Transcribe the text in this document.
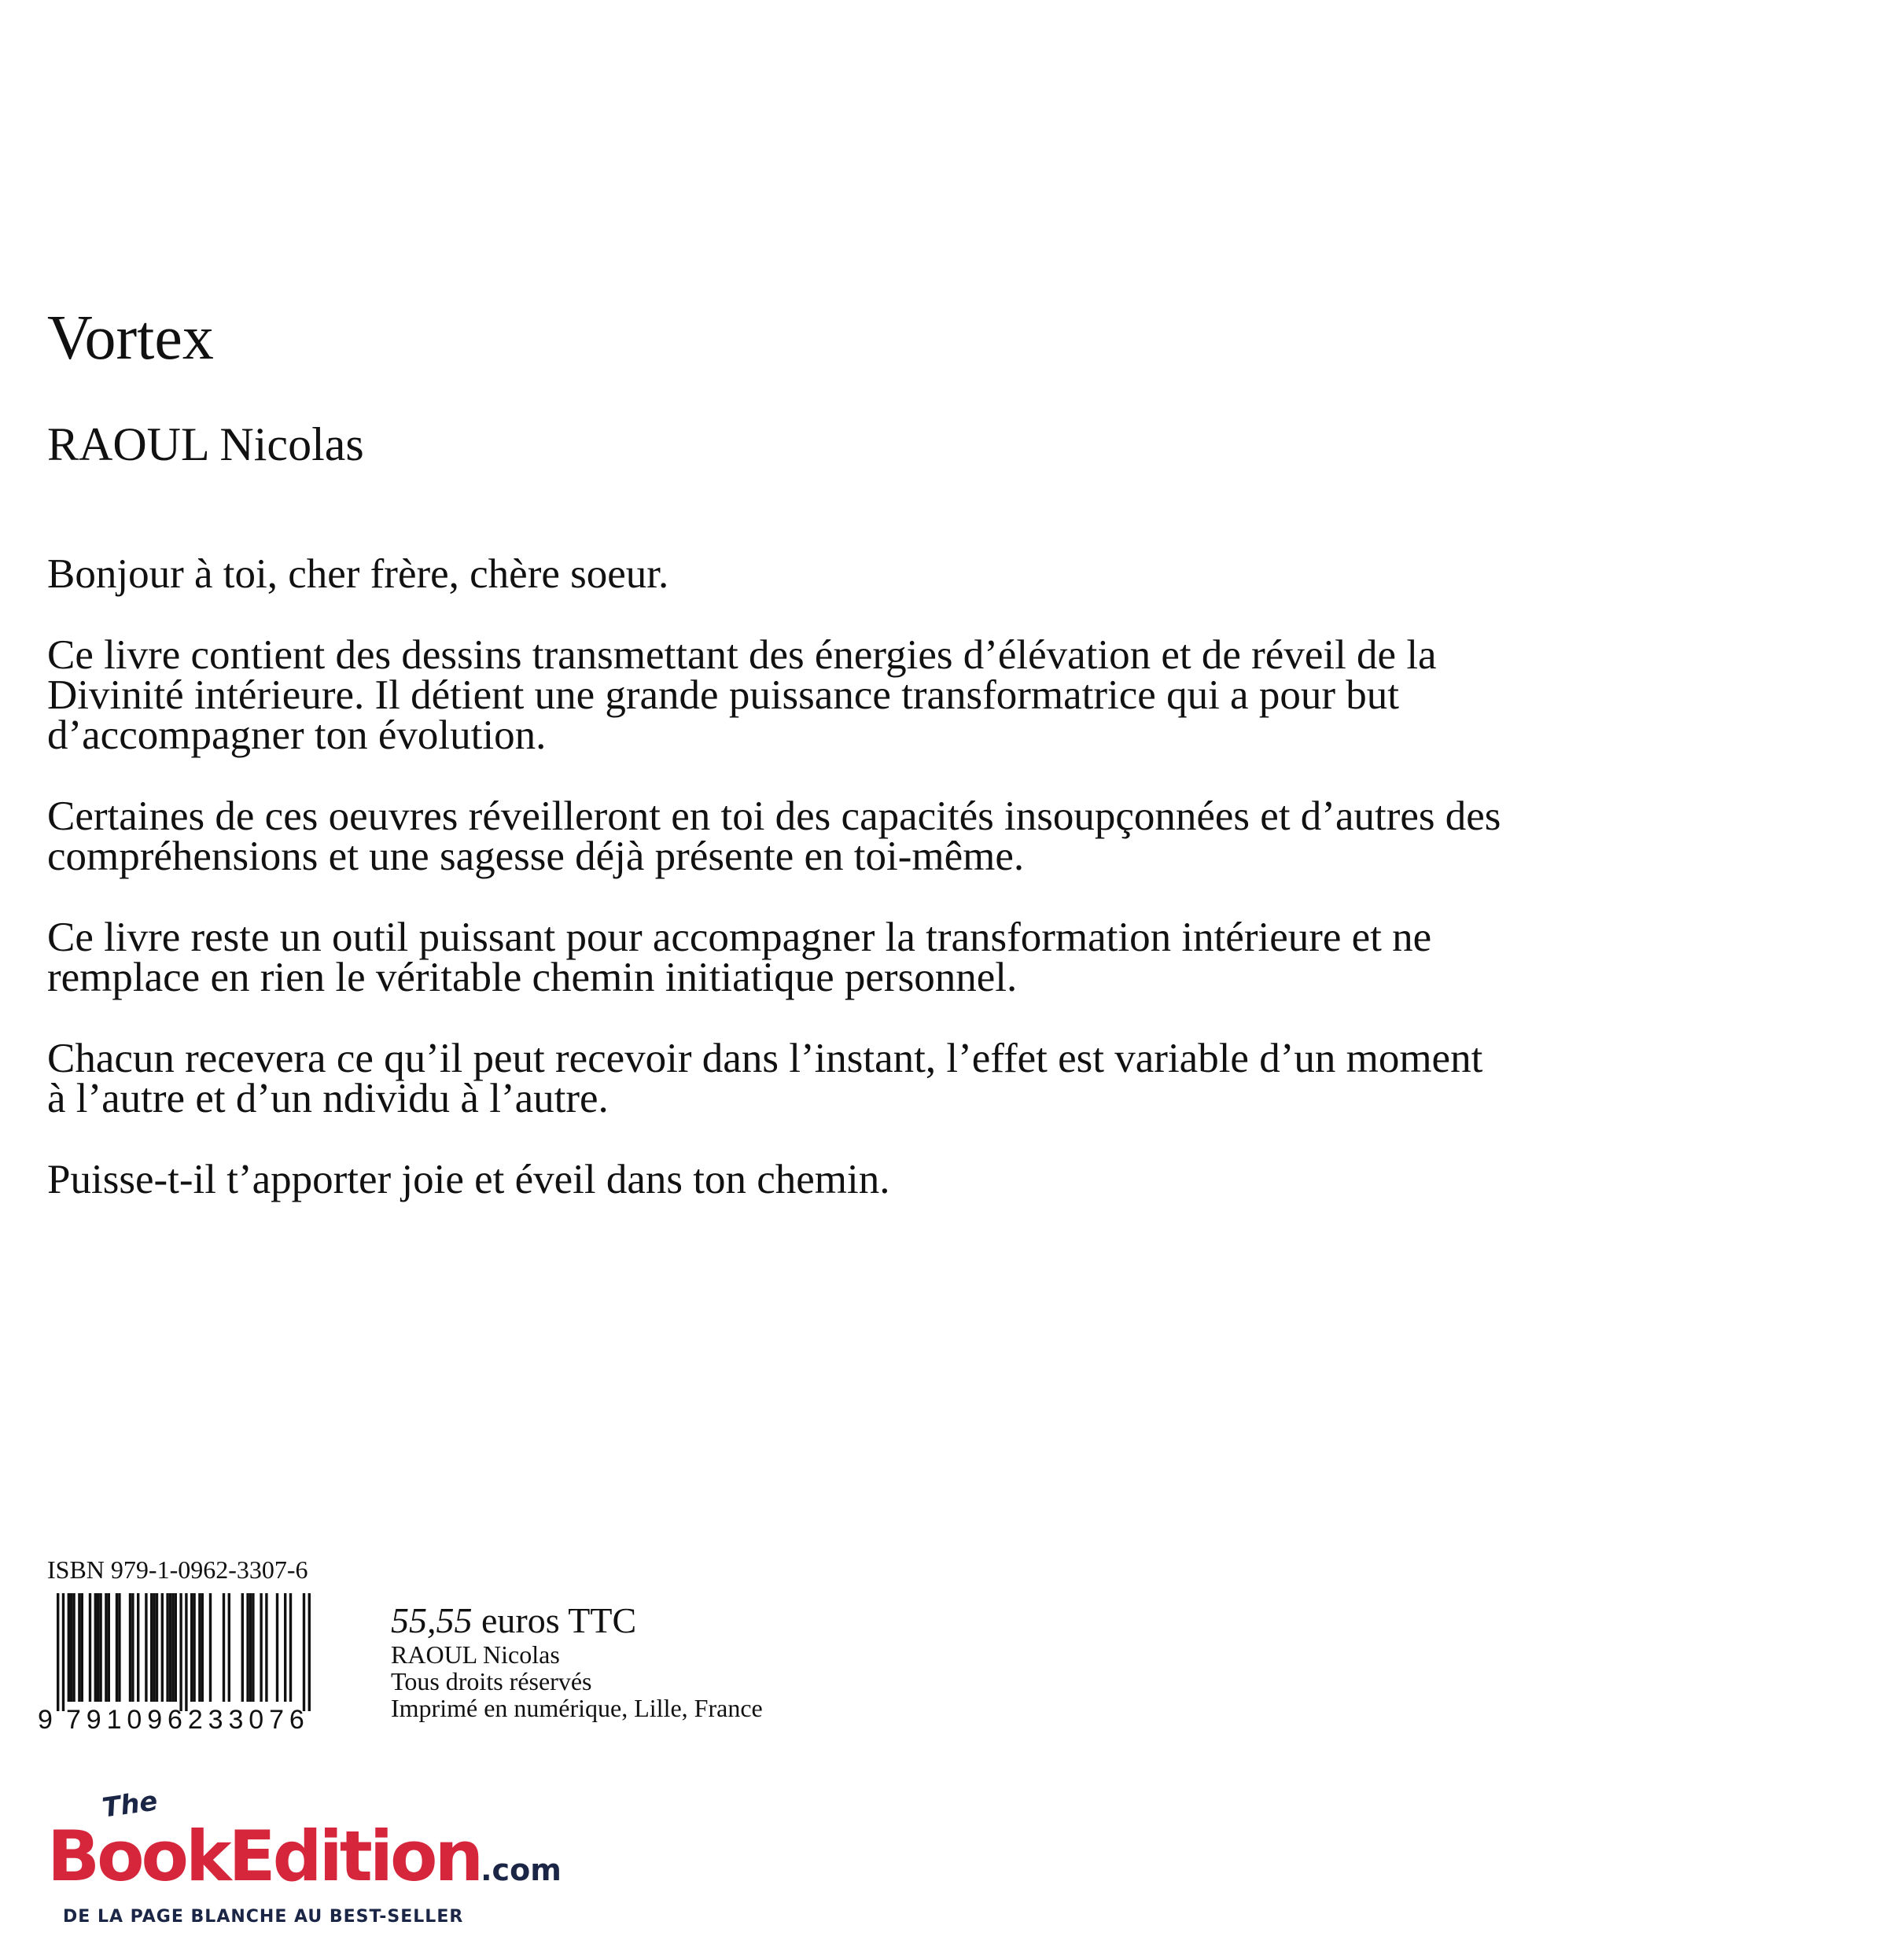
Vortex
RAOUL Nicolas

Bonjour à toi, cher frère, chère soeur.

Ce livre contient des dessins transmettant des énergies d’élévation et de réveil de la Divinité intérieure. Il détient une grande puissance transformatrice qui a pour but d’accompagner ton évolution.

Certaines de ces oeuvres réveilleront en toi des capacités insoupçonnées et d’autres des compréhensions et une sagesse déjà présente en toi-même.

Ce livre reste un outil puissant pour accompagner la transformation intérieure et ne remplace en rien le véritable chemin initiatique personnel.

Chacun recevera ce qu’il peut recevoir dans l’instant, l’effet est variable d’un moment à l’autre et d’un ndividu à l’autre.

Puisse-t-il t’apporter joie et éveil dans ton chemin.

ISBN 979-1-0962-3307-6
9 791096233076
55,55 euros TTC
RAOUL Nicolas
Tous droits réservés
Imprimé en numérique, Lille, France
The
BookEdition.com
DE LA PAGE BLANCHE AU BEST-SELLER
